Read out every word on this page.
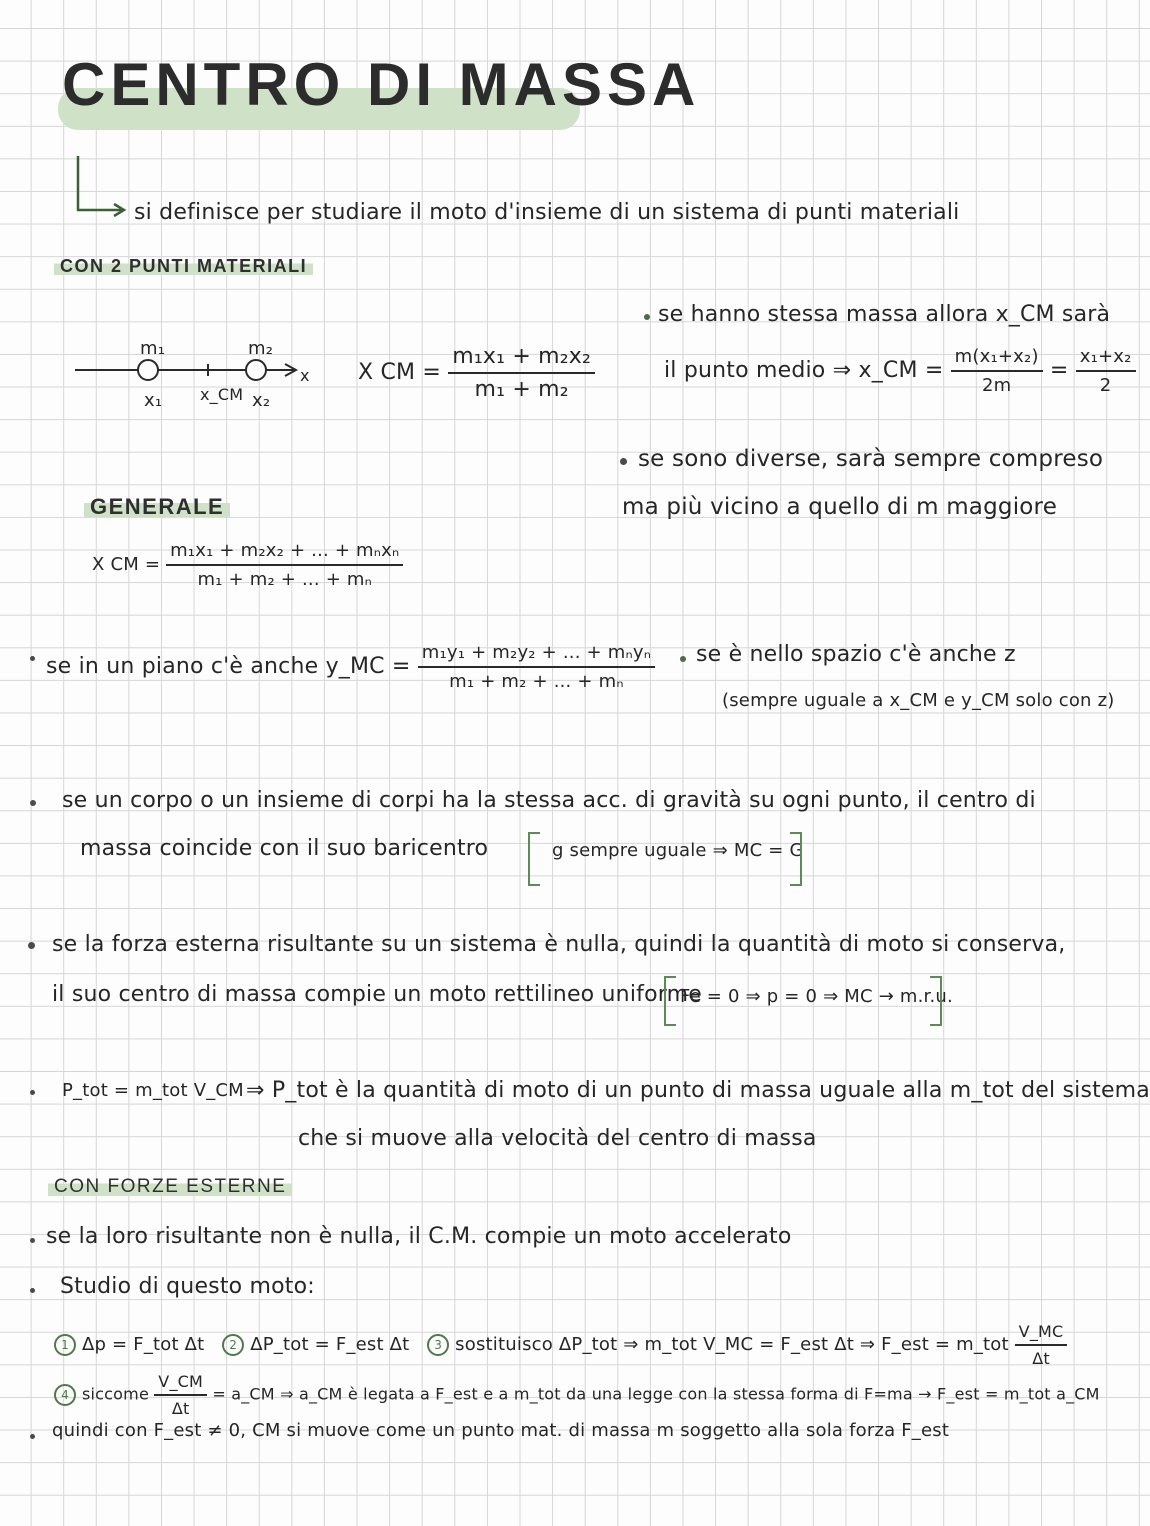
CENTRO DI MASSA
si definisce per studiare il moto d'insieme di un sistema di punti materiali
CON 2 PUNTI MATERIALI
m₁	m₂
x₁ x_CM x₂
x X CM = $\frac{\text{m₁x₁ + m₂x₂}}{\text{m₁ + m₂}}$
se hanno stessa massa allora x_CM sarà
il punto medio ⇒ x_CM = $\frac{\text{m(x₁+x₂)}}{2m} = \frac{\text{x₁+x₂}}{2}$
se sono diverse, sarà sempre compreso
ma più vicino a quello di m maggiore
GENERALE
X CM = $\frac{\text{m₁x₁ + m₂x₂ + ... + mₙxₙ}}{\text{m₁ + m₂ + ... + mₙ}}$
se in un piano c'è anche y_MC = $\frac{\text{m₁y₁ + m₂y₂ + ... + mₙyₙ}}{\text{m₁ + m₂ + ... + mₙ}}$ se è nello spazio c'è anche z
(sempre uguale a x_CM e y_CM solo con z)
se un corpo o un insieme di corpi ha la stessa acc. di gravità su ogni punto, il centro di
massa coincide con il suo baricentro	g sempre uguale ⇒ MC = G
se la forza esterna risultante su un sistema è nulla, quindi la quantità di moto si conserva,
il suo centro di massa compie un moto rettilineo uniforme
Fe = 0 ⇒ p = 0 ⇒ MC → m.r.u.
P_tot = m_tot V_CM ⇒ P_tot è la quantità di moto di un punto di massa uguale alla m_tot del sistema
che si muove alla velocità del centro di massa
CON FORZE ESTERNE
se la loro risultante non è nulla, il C.M. compie un moto accelerato
Studio di questo moto:
1 Δp = F_tot Δt 2 ΔP_tot = F_est Δt 3 sostituisco ΔP_tot ⇒ m_tot V_MC = F_est Δt ⇒ F_est = m_tot $\frac{V\_MC}{\Delta t}$
4 siccome $\frac{V\_CM}{\Delta t}$ = a_CM ⇒ a_CM è legata a F_est e a m_tot da una legge con la stessa forma di F=ma → F_est = m_tot a_CM
quindi con F_est ≠ 0, CM si muove come un punto mat. di massa m soggetto alla sola forza F_est
